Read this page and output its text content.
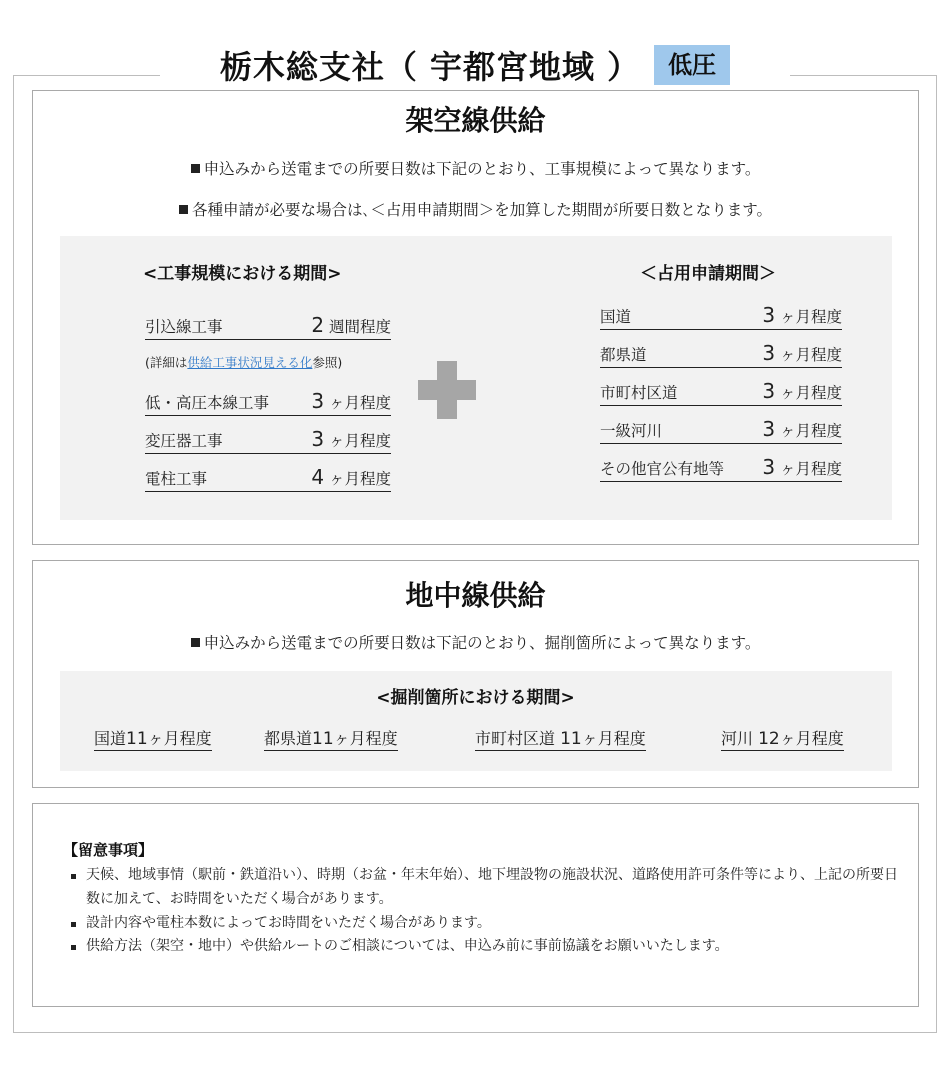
栃木総支社（ 宇都宮地域 ）	低圧
架空線供給
申込みから送電までの所要日数は下記のとおり、工事規模によって異なります。
各種申請が必要な場合は､＜占用申請期間＞を加算した期間が所要日数となります。
<工事規模における期間>
引込線工事	2 週間程度
(詳細は供給工事状況見える化参照)
低・高圧本線工事 3 ヶ月程度
変圧器工事	3 ヶ月程度
電柱工事	4 ヶ月程度
＜占用申請期間＞
国道	3 ヶ月程度
都県道	3 ヶ月程度
市町村区道	3 ヶ月程度
一級河川	3 ヶ月程度
その他官公有地等 3 ヶ月程度
地中線供給
申込みから送電までの所要日数は下記のとおり、掘削箇所によって異なります。
<掘削箇所における期間>
国道11ヶ月程度	都県道11ヶ月程度	市町村区道 11ヶ月程度	河川 12ヶ月程度
【留意事項】
天候、地域事情（駅前・鉄道沿い）、時期（お盆・年末年始）、地下埋設物の施設状況、道路使用許可条件等により、上記の所要日数に加えて、お時間をいただく場合があります。
設計内容や電柱本数によってお時間をいただく場合があります。
供給方法（架空・地中）や供給ルートのご相談については、申込み前に事前協議をお願いいたします。
